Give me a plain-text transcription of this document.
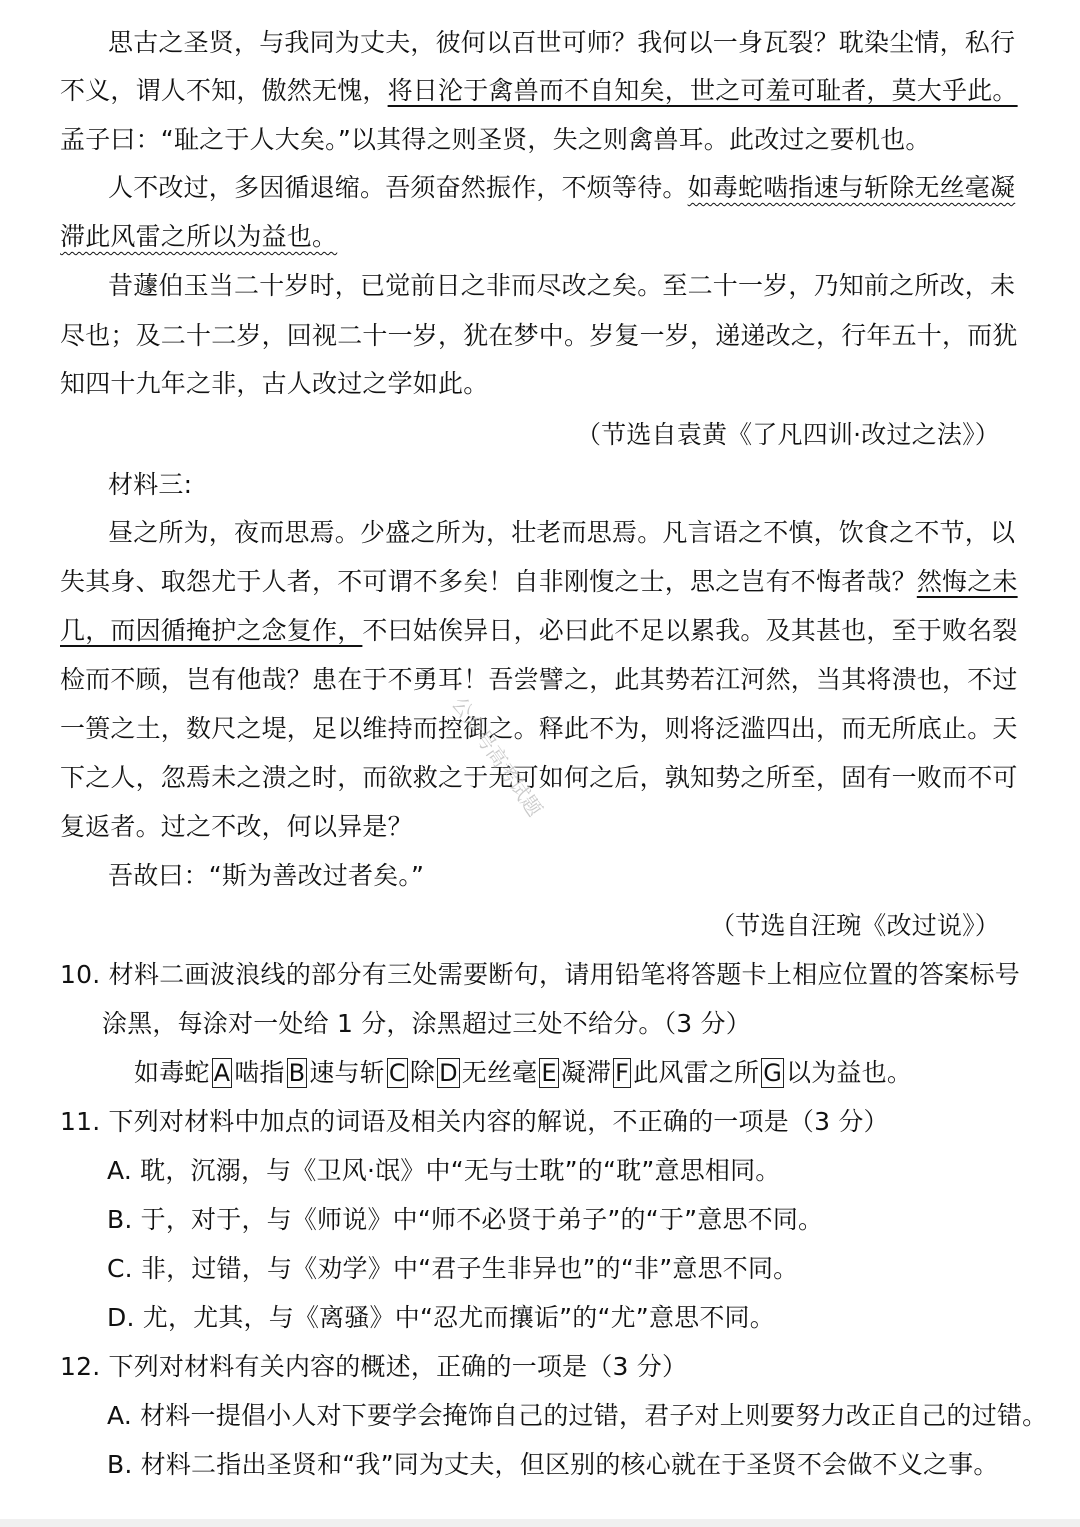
思古之圣贤，与我同为丈夫，彼何以百世可师？我何以一身瓦裂？耽染尘情，私行
不义，谓人不知，傲然无愧，将日沦于禽兽而不自知矣，世之可羞可耻者，莫大乎此。
孟子曰：“耻之于人大矣。”以其得之则圣贤，失之则禽兽耳。此改过之要机也。
人不改过，多因循退缩。吾须奋然振作，不烦等待。如毒蛇啮指速与斩除无丝毫凝
滞此风雷之所以为益也。
昔蘧伯玉当二十岁时，已觉前日之非而尽改之矣。至二十一岁，乃知前之所改，未
尽也；及二十二岁，回视二十一岁，犹在梦中。岁复一岁，递递改之，行年五十，而犹
知四十九年之非，古人改过之学如此。
（节选自袁黄《了凡四训·改过之法》）
材料三:
昼之所为，夜而思焉。少盛之所为，壮老而思焉。凡言语之不慎，饮食之不节，以
失其身、取怨尤于人者，不可谓不多矣！自非刚愎之士，思之岂有不悔者哉？然悔之未
几，而因循掩护之念复作，不曰姑俟异日，必曰此不足以累我。及其甚也，至于败名裂
检而不顾，岂有他哉？患在于不勇耳！吾尝譬之，此其势若江河然，当其将溃也，不过
一篑之土，数尺之堤，足以维持而控御之。释此不为，则将泛滥四出，而无所底止。天
下之人，忽焉未之溃之时，而欲救之于无可如何之后，孰知势之所至，固有一败而不可
复返者。过之不改，何以异是？
吾故曰：“斯为善改过者矣。”
（节选自汪琬《改过说》）
公众号高考试题
10. 材料二画波浪线的部分有三处需要断句，请用铅笔将答题卡上相应位置的答案标号
涂黑，每涂对一处给 1 分，涂黑超过三处不给分。（3 分）
如毒蛇 A 啮指 B 速与斩 C 除 D 无丝毫 E 凝滞 F 此风雷之所 G 以为益也。
11. 下列对材料中加点的词语及相关内容的解说，不正确的一项是（3 分）
A. 耽，沉溺，与《卫风·氓》中“无与士耽”的“耽”意思相同。
B. 于，对于，与《师说》中“师不必贤于弟子”的“于”意思不同。
C. 非，过错，与《劝学》中“君子生非异也”的“非”意思不同。
D. 尤，尤其，与《离骚》中“忍尤而攘诟”的“尤”意思不同。
12. 下列对材料有关内容的概述，正确的一项是（3 分）
A. 材料一提倡小人对下要学会掩饰自己的过错，君子对上则要努力改正自己的过错。
B. 材料二指出圣贤和“我”同为丈夫，但区别的核心就在于圣贤不会做不义之事。
